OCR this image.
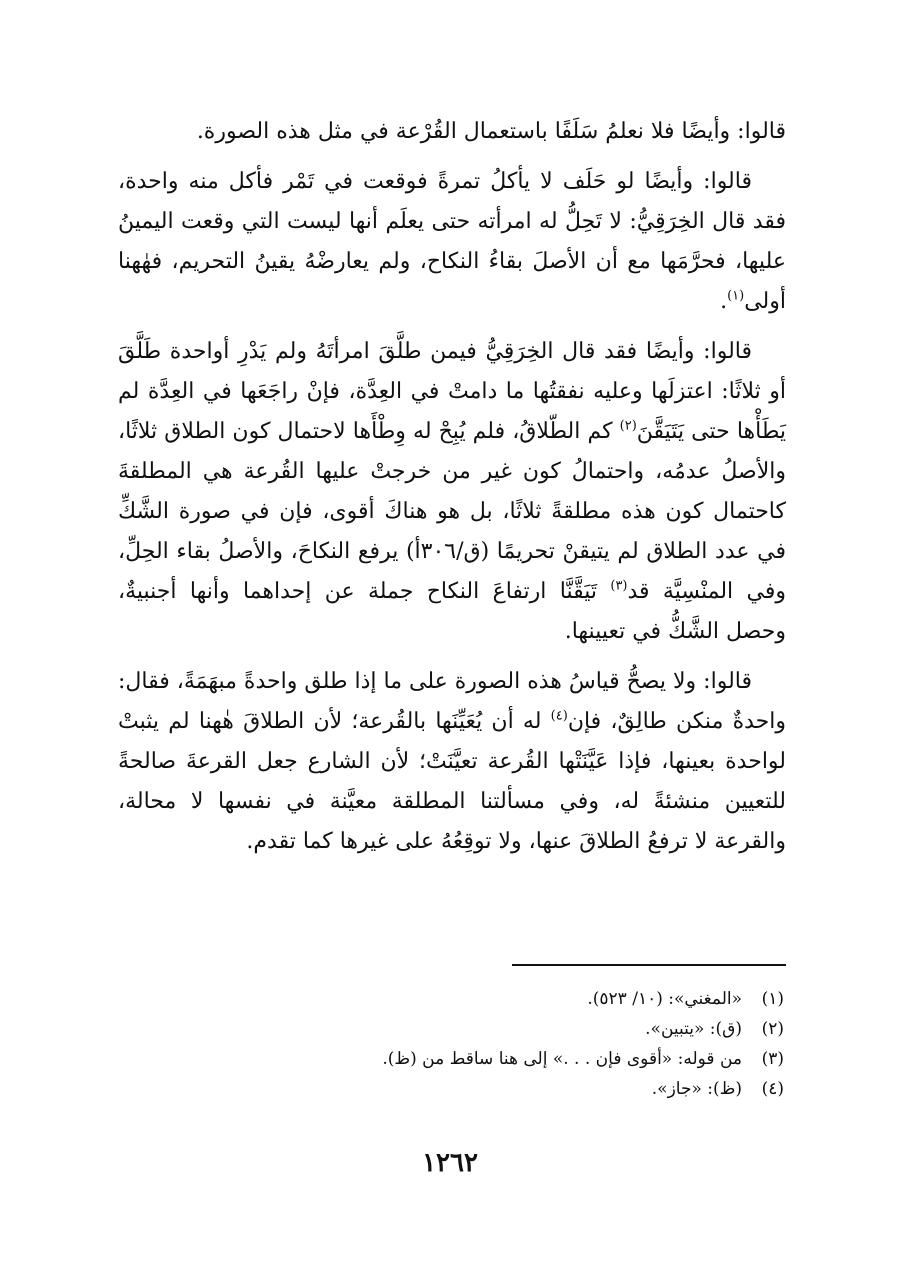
قالوا: وأيضًا فلا نعلمُ سَلَفًا باستعمال القُرْعة في مثل هذه الصورة.

قالوا: وأيضًا لو حَلَف لا يأكلُ تمرةً فوقعت في تَمْر فأكل منه واحدة، فقد قال الخِرَقِيُّ: لا تَحِلُّ له امرأته حتى يعلَم أنها ليست التي وقعت اليمينُ عليها، فحرَّمَها مع أن الأصلَ بقاءُ النكاح، ولم يعارضْهُ يقينُ التحريم، فهٰهنا أولى$^{(١)}$.

قالوا: وأيضًا فقد قال الخِرَقِيُّ فيمن طلَّقَ امرأتَهُ ولم يَدْرِ أواحدة طَلَّقَ أو ثلاثًا: اعتزلَها وعليه نفقتُها ما دامتْ في العِدَّة، فإنْ راجَعَها في العِدَّة لم يَطَأْها حتى يَتَيَقَّنَ$^{(٢)}$ كم الطّلاقُ، فلم يُبِحْ له وِطْأَها لاحتمال كون الطلاق ثلاثًا، والأصلُ عدمُه، واحتمالُ كون غير من خرجتْ عليها القُرعة هي المطلقةَ كاحتمال كون هذه مطلقةً ثلاثًا، بل هو هناكَ أقوى، فإن في صورة الشَّكِّ في عدد الطلاق لم يتيقنْ تحريمًا (ق/٣٠٦أ) يرفع النكاحَ، والأصلُ بقاء الحِلِّ، وفي المنْسِيَّة قد$^{(٣)}$ تَيَقَّنَّا ارتفاعَ النكاح جملة عن إحداهما وأنها أجنبيةٌ، وحصل الشَّكُّ في تعيينها.

قالوا: ولا يصحُّ قياسُ هذه الصورة على ما إذا طلق واحدةً مبهَمَةً، فقال: واحدةٌ منكن طالِقٌ، فإن$^{(٤)}$ له أن يُعَيِّنَها بالقُرعة؛ لأن الطلاقَ هٰهنا لم يثبتْ لواحدة بعينها، فإذا عَيَّنَتْها القُرعة تعيَّنَتْ؛ لأن الشارع جعل القرعةَ صالحةً للتعيين منشئةً له، وفي مسألتنا المطلقة معيَّنة في نفسها لا محالة، والقرعة لا ترفعُ الطلاقَ عنها، ولا توقِعُهُ على غيرها كما تقدم.

(١)«المغني»: (١٠/ ٥٢٣).
(٢)(ق): «يتبين».
(٣)من قوله: «أقوى فإن . . .» إلى هنا ساقط من (ظ).
(٤)(ظ): «جاز».
١٢٦٢
